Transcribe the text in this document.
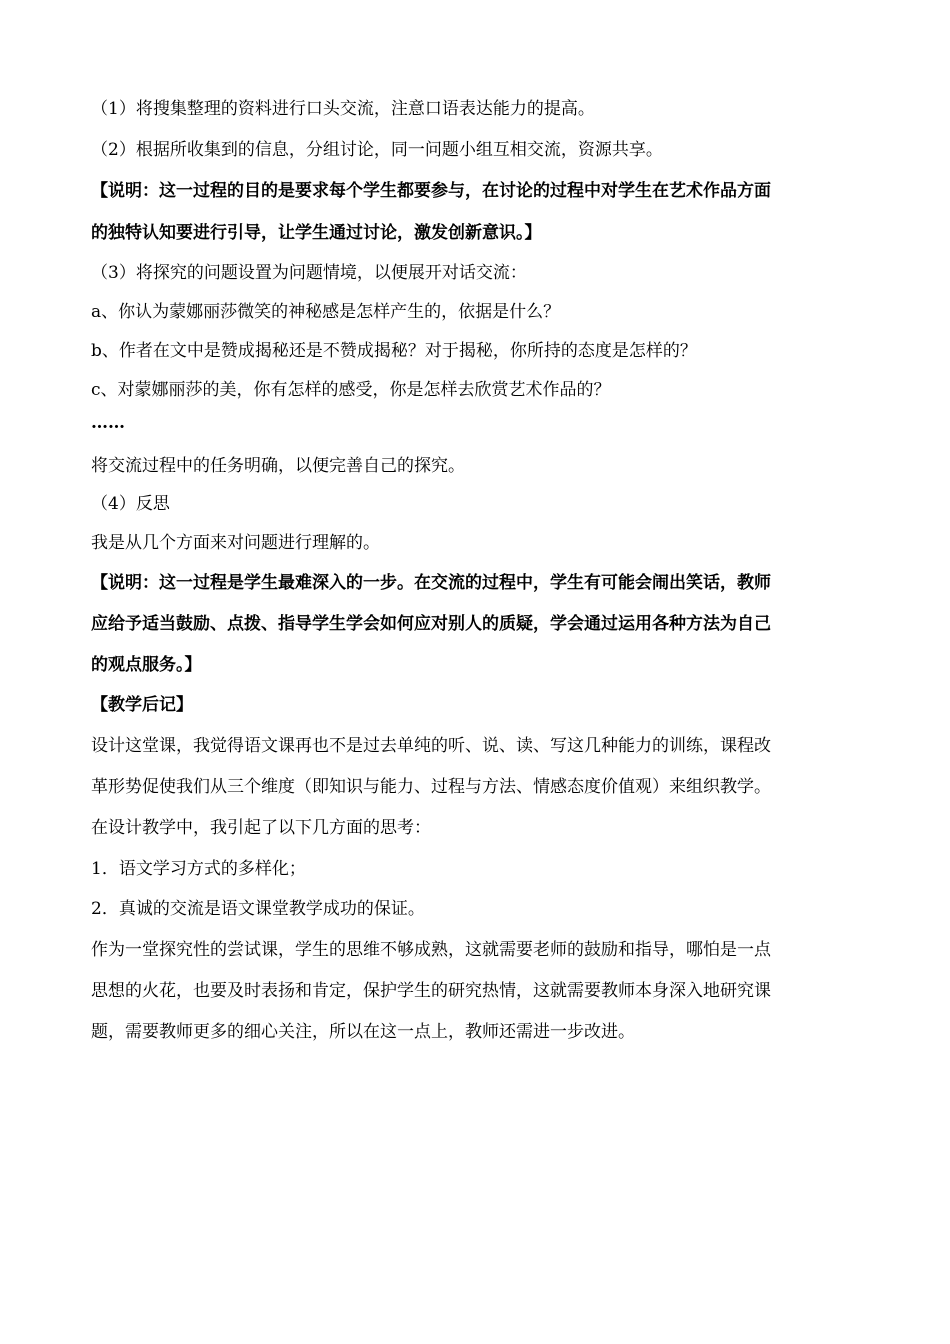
（1）将搜集整理的资料进行口头交流，注意口语表达能力的提高。
（2）根据所收集到的信息，分组讨论，同一问题小组互相交流，资源共享。
【说明：这一过程的目的是要求每个学生都要参与，在讨论的过程中对学生在艺术作品方面
的独特认知要进行引导，让学生通过讨论，激发创新意识。】
（3）将探究的问题设置为问题情境，以便展开对话交流：
a、你认为蒙娜丽莎微笑的神秘感是怎样产生的，依据是什么？
b、作者在文中是赞成揭秘还是不赞成揭秘？对于揭秘，你所持的态度是怎样的？
c、对蒙娜丽莎的美，你有怎样的感受，你是怎样去欣赏艺术作品的？
……
将交流过程中的任务明确，以便完善自己的探究。
（4）反思
我是从几个方面来对问题进行理解的。
【说明：这一过程是学生最难深入的一步。在交流的过程中，学生有可能会闹出笑话，教师
应给予适当鼓励、点拨、指导学生学会如何应对别人的质疑，学会通过运用各种方法为自己
的观点服务。】
【教学后记】
设计这堂课，我觉得语文课再也不是过去单纯的听、说、读、写这几种能力的训练，课程改
革形势促使我们从三个维度（即知识与能力、过程与方法、情感态度价值观）来组织教学。
在设计教学中，我引起了以下几方面的思考：
1．语文学习方式的多样化；
2．真诚的交流是语文课堂教学成功的保证。
作为一堂探究性的尝试课，学生的思维不够成熟，这就需要老师的鼓励和指导，哪怕是一点
思想的火花，也要及时表扬和肯定，保护学生的研究热情，这就需要教师本身深入地研究课
题，需要教师更多的细心关注，所以在这一点上，教师还需进一步改进。
